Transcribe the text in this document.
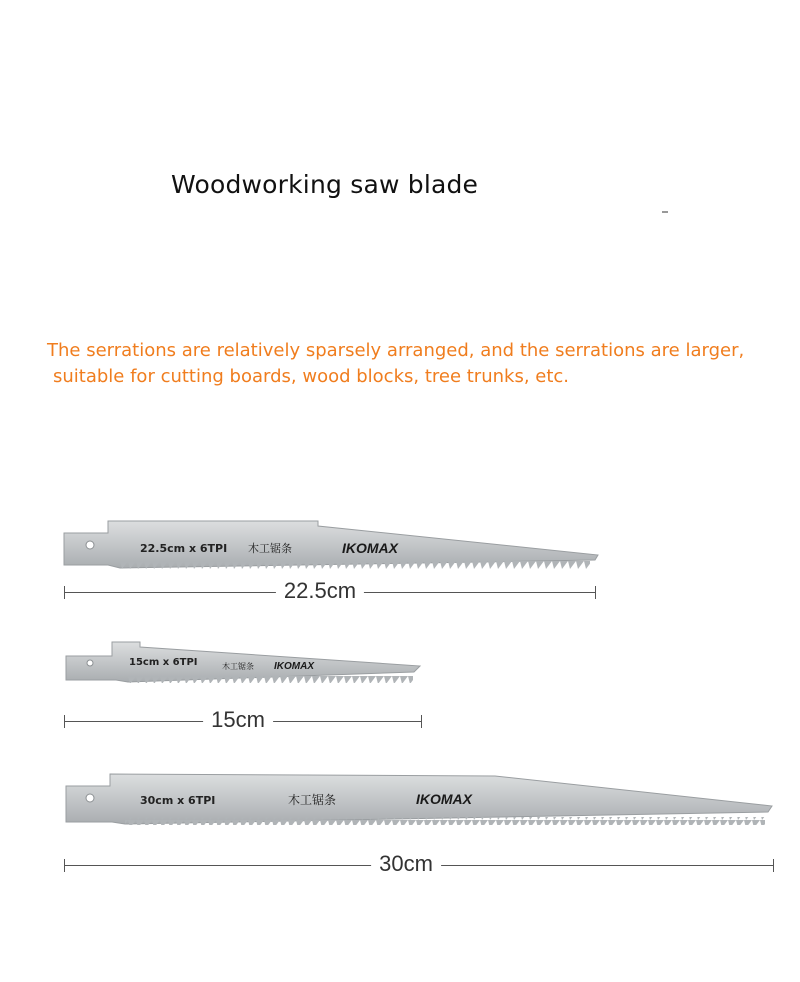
Woodworking saw blade
The serrations are relatively sparsely arranged, and the serrations are larger,
suitable for cutting boards, wood blocks, tree trunks, etc.
22.5cm x 6TPI 木工锯条	IKOMAX
22.5cm
15cm x 6TPI	木工锯条 IKOMAX
15cm
30cm x 6TPI	木工锯条	IKOMAX
30cm
